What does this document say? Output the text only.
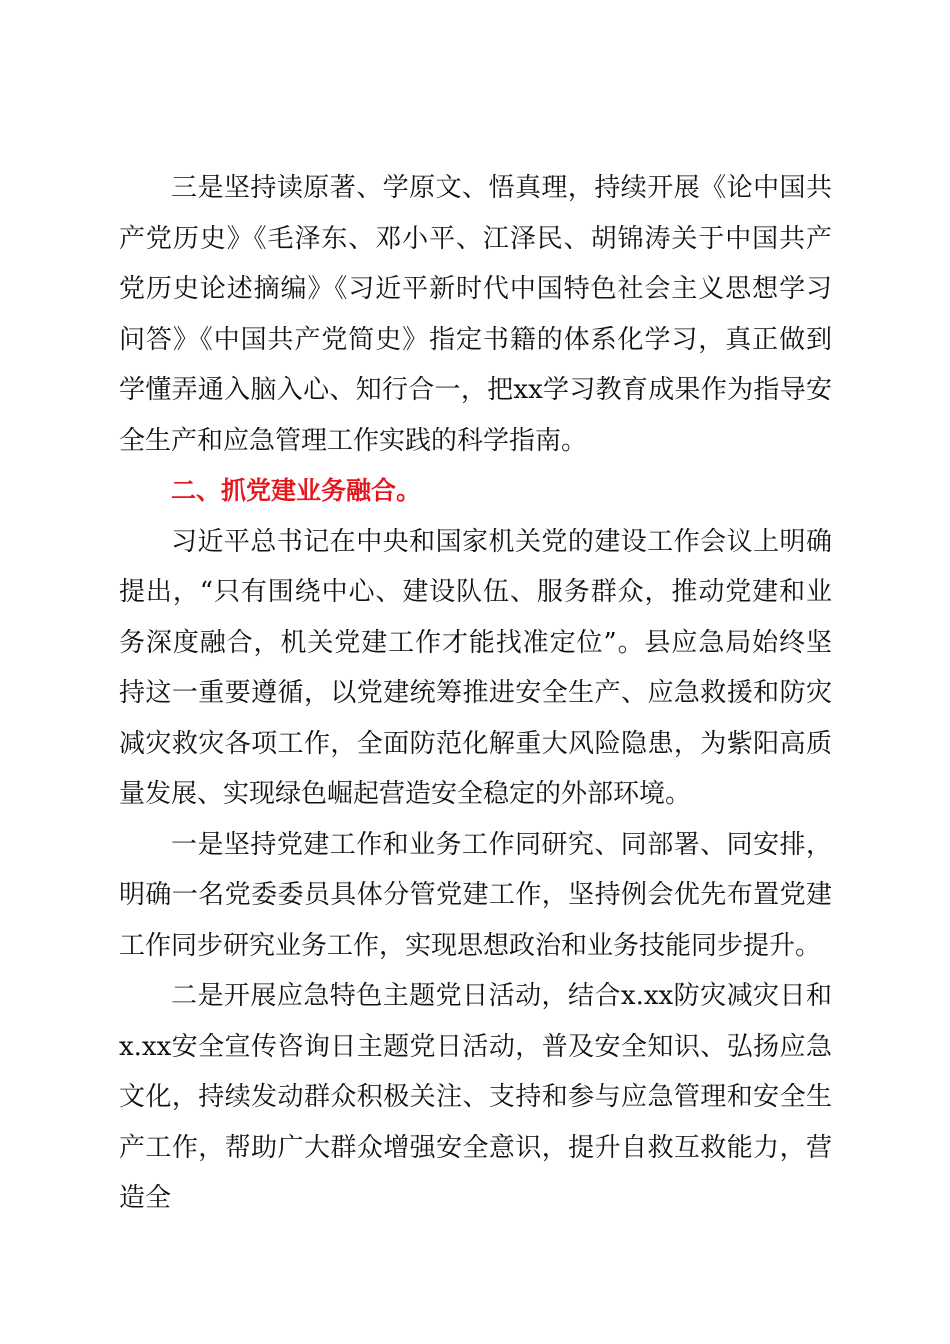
三是坚持读原著、学原文、悟真理，持续开展《论中国共产党历史》《毛泽东、邓小平、江泽民、胡锦涛关于中国共产党历史论述摘编》《习近平新时代中国特色社会主义思想学习问答》《中国共产党简史》指定书籍的体系化学习，真正做到学懂弄通入脑入心、知行合一，把xx学习教育成果作为指导安全生产和应急管理工作实践的科学指南。

二、抓党建业务融合。

习近平总书记在中央和国家机关党的建设工作会议上明确提出，“只有围绕中心、建设队伍、服务群众，推动党建和业务深度融合，机关党建工作才能找准定位”。县应急局始终坚持这一重要遵循，以党建统筹推进安全生产、应急救援和防灾减灾救灾各项工作，全面防范化解重大风险隐患，为紫阳高质量发展、实现绿色崛起营造安全稳定的外部环境。

一是坚持党建工作和业务工作同研究、同部署、同安排，明确一名党委委员具体分管党建工作，坚持例会优先布置党建工作同步研究业务工作，实现思想政治和业务技能同步提升。

二是开展应急特色主题党日活动，结合x.xx防灾减灾日和x.xx安全宣传咨询日主题党日活动，普及安全知识、弘扬应急文化，持续发动群众积极关注、支持和参与应急管理和安全生产工作，帮助广大群众增强安全意识，提升自救互救能力，营造全
